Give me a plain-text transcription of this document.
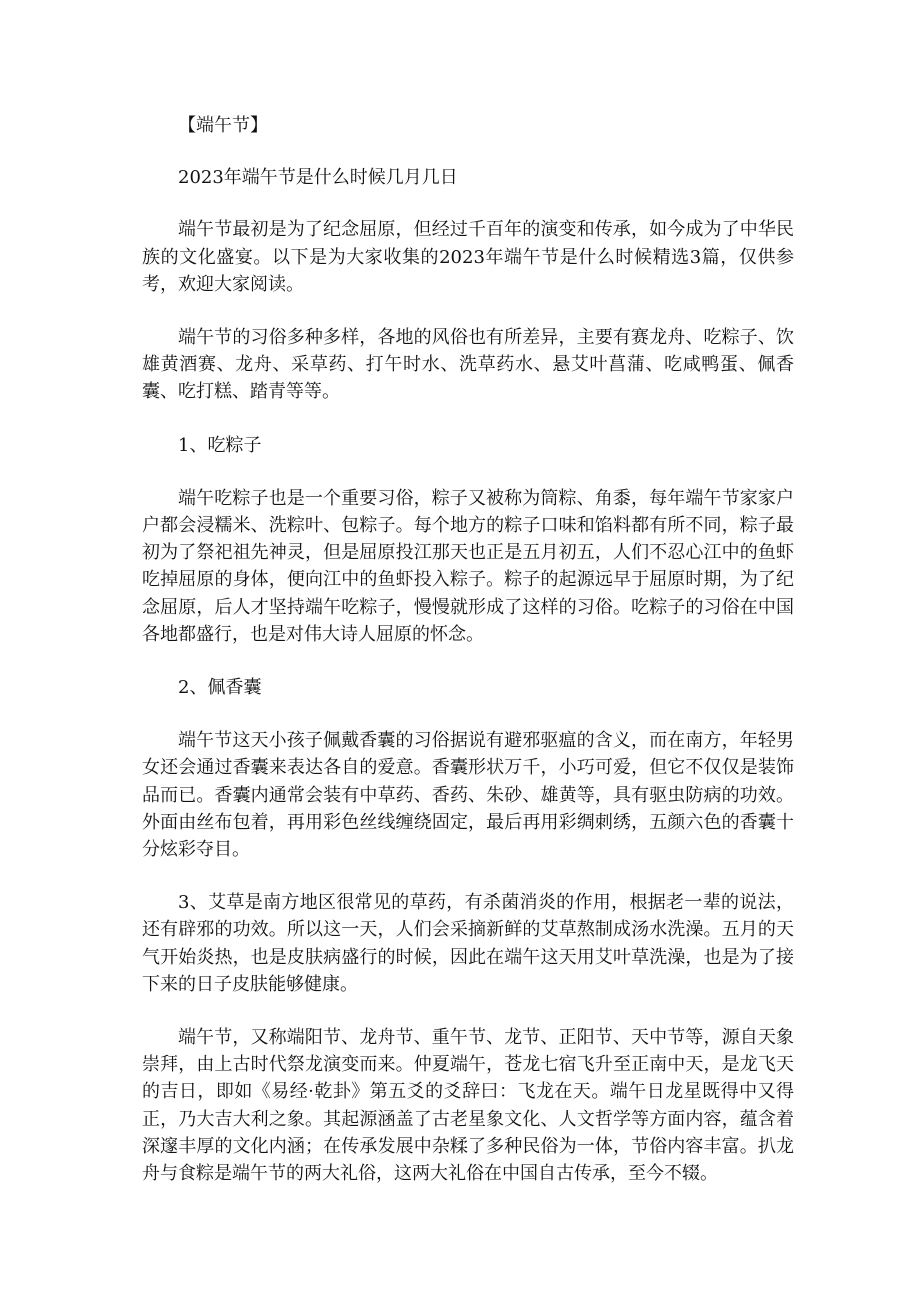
【端午节】

2023年端午节是什么时候几月几日

端午节最初是为了纪念屈原，但经过千百年的演变和传承，如今成为了中华民族的文化盛宴。以下是为大家收集的2023年端午节是什么时候精选3篇，仅供参考，欢迎大家阅读。

端午节的习俗多种多样，各地的风俗也有所差异，主要有赛龙舟、吃粽子、饮雄黄酒赛、龙舟、采草药、打午时水、洗草药水、悬艾叶菖蒲、吃咸鸭蛋、佩香囊、吃打糕、踏青等等。

1、吃粽子

端午吃粽子也是一个重要习俗，粽子又被称为筒粽、角黍，每年端午节家家户户都会浸糯米、洗粽叶、包粽子。每个地方的粽子口味和馅料都有所不同，粽子最初为了祭祀祖先神灵，但是屈原投江那天也正是五月初五，人们不忍心江中的鱼虾吃掉屈原的身体，便向江中的鱼虾投入粽子。粽子的起源远早于屈原时期，为了纪念屈原，后人才坚持端午吃粽子，慢慢就形成了这样的习俗。吃粽子的习俗在中国各地都盛行，也是对伟大诗人屈原的怀念。

2、佩香囊

端午节这天小孩子佩戴香囊的习俗据说有避邪驱瘟的含义，而在南方，年轻男女还会通过香囊来表达各自的爱意。香囊形状万千，小巧可爱，但它不仅仅是装饰品而已。香囊内通常会装有中草药、香药、朱砂、雄黄等，具有驱虫防病的功效。外面由丝布包着，再用彩色丝线缠绕固定，最后再用彩绸刺绣，五颜六色的香囊十分炫彩夺目。

3、艾草是南方地区很常见的草药，有杀菌消炎的作用，根据老一辈的说法，还有辟邪的功效。所以这一天，人们会采摘新鲜的艾草熬制成汤水洗澡。五月的天气开始炎热，也是皮肤病盛行的时候，因此在端午这天用艾叶草洗澡，也是为了接下来的日子皮肤能够健康。

端午节，又称端阳节、龙舟节、重午节、龙节、正阳节、天中节等，源自天象崇拜，由上古时代祭龙演变而来。仲夏端午，苍龙七宿飞升至正南中天，是龙飞天的吉日，即如《易经·乾卦》第五爻的爻辞曰：飞龙在天。端午日龙星既得中又得正，乃大吉大利之象。其起源涵盖了古老星象文化、人文哲学等方面内容，蕴含着深邃丰厚的文化内涵；在传承发展中杂糅了多种民俗为一体，节俗内容丰富。扒龙舟与食粽是端午节的两大礼俗，这两大礼俗在中国自古传承，至今不辍。
